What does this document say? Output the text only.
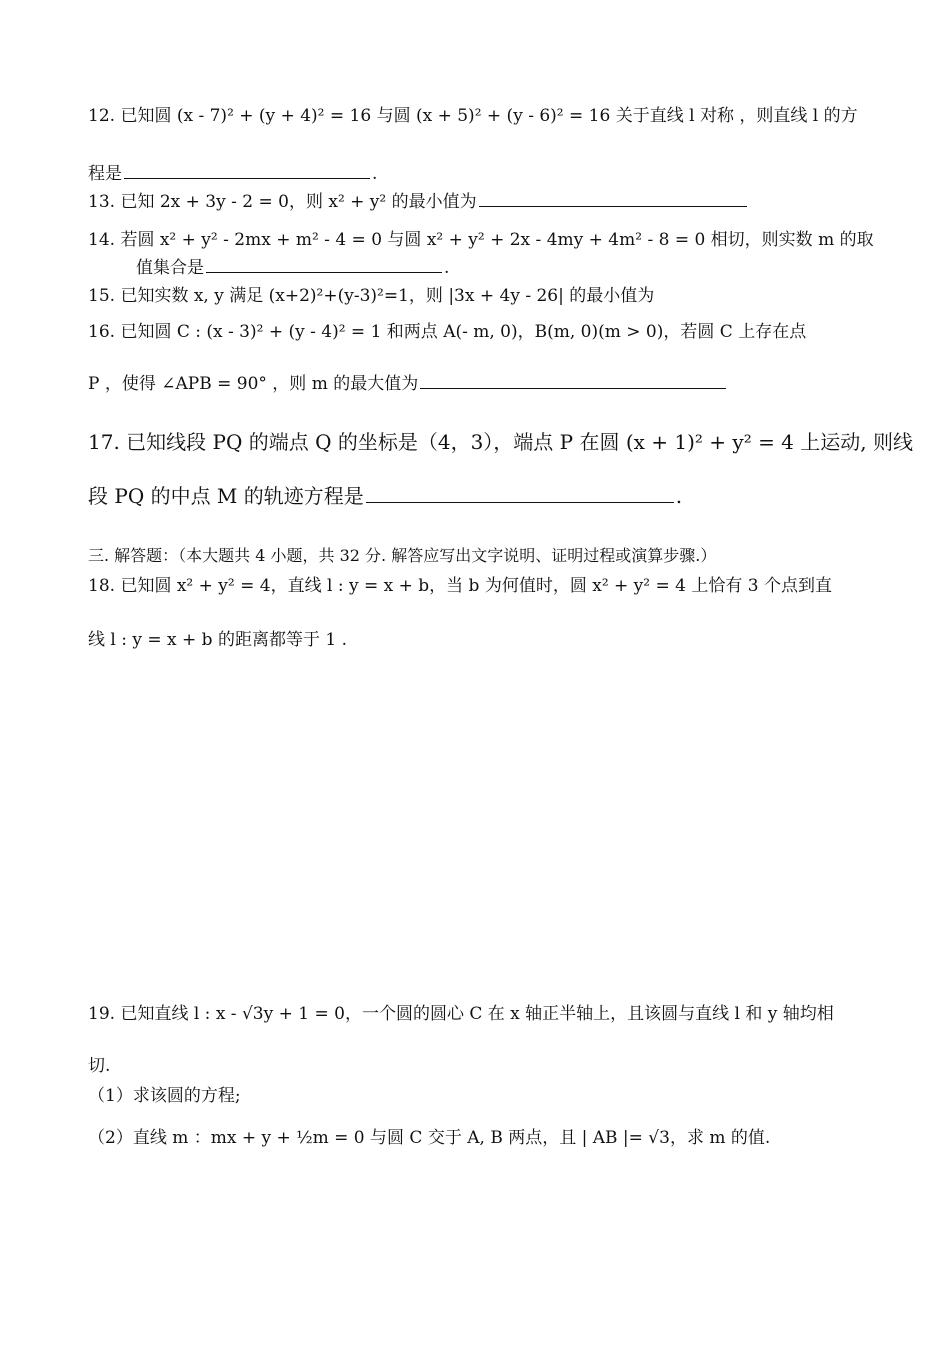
12. 已知圆 (x - 7)² + (y + 4)² = 16 与圆 (x + 5)² + (y - 6)² = 16 关于直线 l 对称 ，则直线 l 的方
程是	.
13. 已知 2x + 3y - 2 = 0，则 x² + y² 的最小值为
14. 若圆 x² + y² - 2mx + m² - 4 = 0 与圆 x² + y² + 2x - 4my + 4m² - 8 = 0 相切，则实数 m 的取
值集合是	.
15. 已知实数 x, y 满足 (x+2)²+(y-3)²=1，则 |3x + 4y - 26| 的最小值为
16. 已知圆 C : (x - 3)² + (y - 4)² = 1 和两点 A(- m, 0)，B(m, 0)(m > 0)，若圆 C 上存在点
P ，使得 ∠APB = 90° ，则 m 的最大值为
17. 已知线段 PQ 的端点 Q 的坐标是（4，3），端点 P 在圆 (x + 1)² + y² = 4 上运动, 则线
段 PQ 的中点 M 的轨迹方程是	.
三. 解答题：（本大题共 4 小题，共 32 分. 解答应写出文字说明、证明过程或演算步骤.）
18. 已知圆 x² + y² = 4，直线 l : y = x + b，当 b 为何值时，圆 x² + y² = 4 上恰有 3 个点到直
线 l : y = x + b 的距离都等于 1 .
19. 已知直线 l : x - √3y + 1 = 0，一个圆的圆心 C 在 x 轴正半轴上，且该圆与直线 l 和 y 轴均相
切.
（1）求该圆的方程;
（2）直线 m ：mx + y + ½m = 0 与圆 C 交于 A, B 两点，且 | AB |= √3，求 m 的值.
